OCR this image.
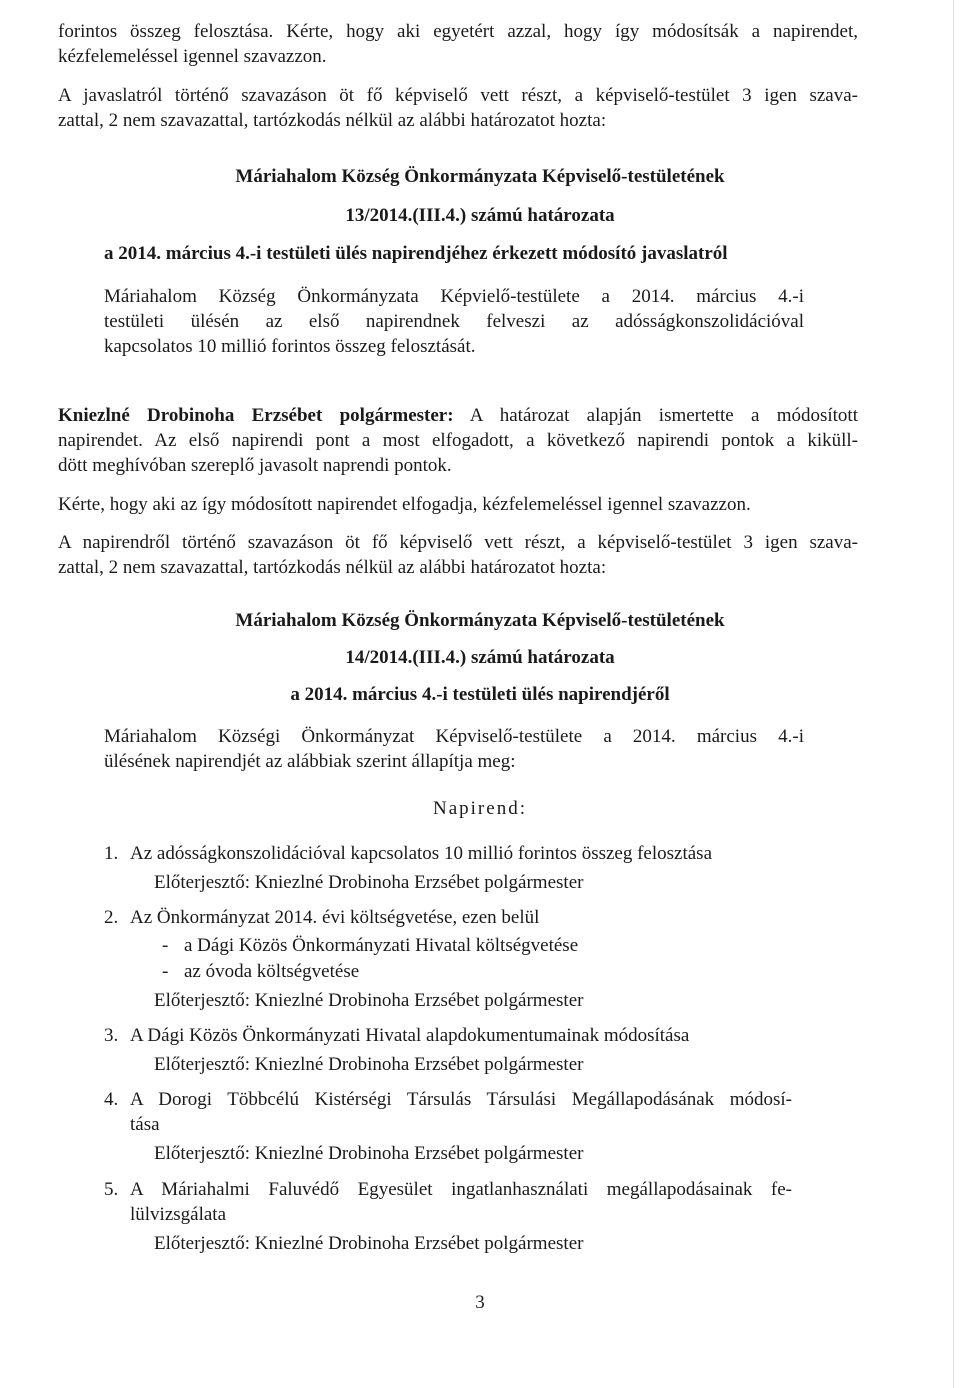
forintos összeg felosztása. Kérte, hogy aki egyetért azzal, hogy így módosítsák a napirendet,
kézfelemeléssel igennel szavazzon.
A javaslatról történő szavazáson öt fő képviselő vett részt, a képviselő-testület 3 igen szava-
zattal, 2 nem szavazattal, tartózkodás nélkül az alábbi határozatot hozta:
Máriahalom Község Önkormányzata Képviselő-testületének
13/2014.(III.4.) számú határozata
a 2014. március 4.-i testületi ülés napirendjéhez érkezett módosító javaslatról
Máriahalom Község Önkormányzata Képvielő-testülete a 2014. március 4.-i
testületi ülésén az első napirendnek felveszi az adósságkonszolidációval
kapcsolatos 10 millió forintos összeg felosztását.
Kniezlné Drobinoha Erzsébet polgármester: A határozat alapján ismertette a módosított
napirendet. Az első napirendi pont a most elfogadott, a következő napirendi pontok a kiküll-
dött meghívóban szereplő javasolt naprendi pontok.
Kérte, hogy aki az így módosított napirendet elfogadja, kézfelemeléssel igennel szavazzon.
A napirendről történő szavazáson öt fő képviselő vett részt, a képviselő-testület 3 igen szava-
zattal, 2 nem szavazattal, tartózkodás nélkül az alábbi határozatot hozta:
Máriahalom Község Önkormányzata Képviselő-testületének
14/2014.(III.4.) számú határozata
a 2014. március 4.-i testületi ülés napirendjéről
Máriahalom Községi Önkormányzat Képviselő-testülete a 2014. március 4.-i
ülésének napirendjét az alábbiak szerint állapítja meg:
Napirend:
1. Az adósságkonszolidációval kapcsolatos 10 millió forintos összeg felosztása
Előterjesztő: Kniezlné Drobinoha Erzsébet polgármester
2. Az Önkormányzat 2014. évi költségvetése, ezen belül
- a Dági Közös Önkormányzati Hivatal költségvetése
- az óvoda költségvetése
Előterjesztő: Kniezlné Drobinoha Erzsébet polgármester
3. A Dági Közös Önkormányzati Hivatal alapdokumentumainak módosítása
Előterjesztő: Kniezlné Drobinoha Erzsébet polgármester
4. A Dorogi Többcélú Kistérségi Társulás Társulási Megállapodásának módosí-
tása
Előterjesztő: Kniezlné Drobinoha Erzsébet polgármester
5. A Máriahalmi Faluvédő Egyesület ingatlanhasználati megállapodásainak fe-
lülvizsgálata
Előterjesztő: Kniezlné Drobinoha Erzsébet polgármester
3
